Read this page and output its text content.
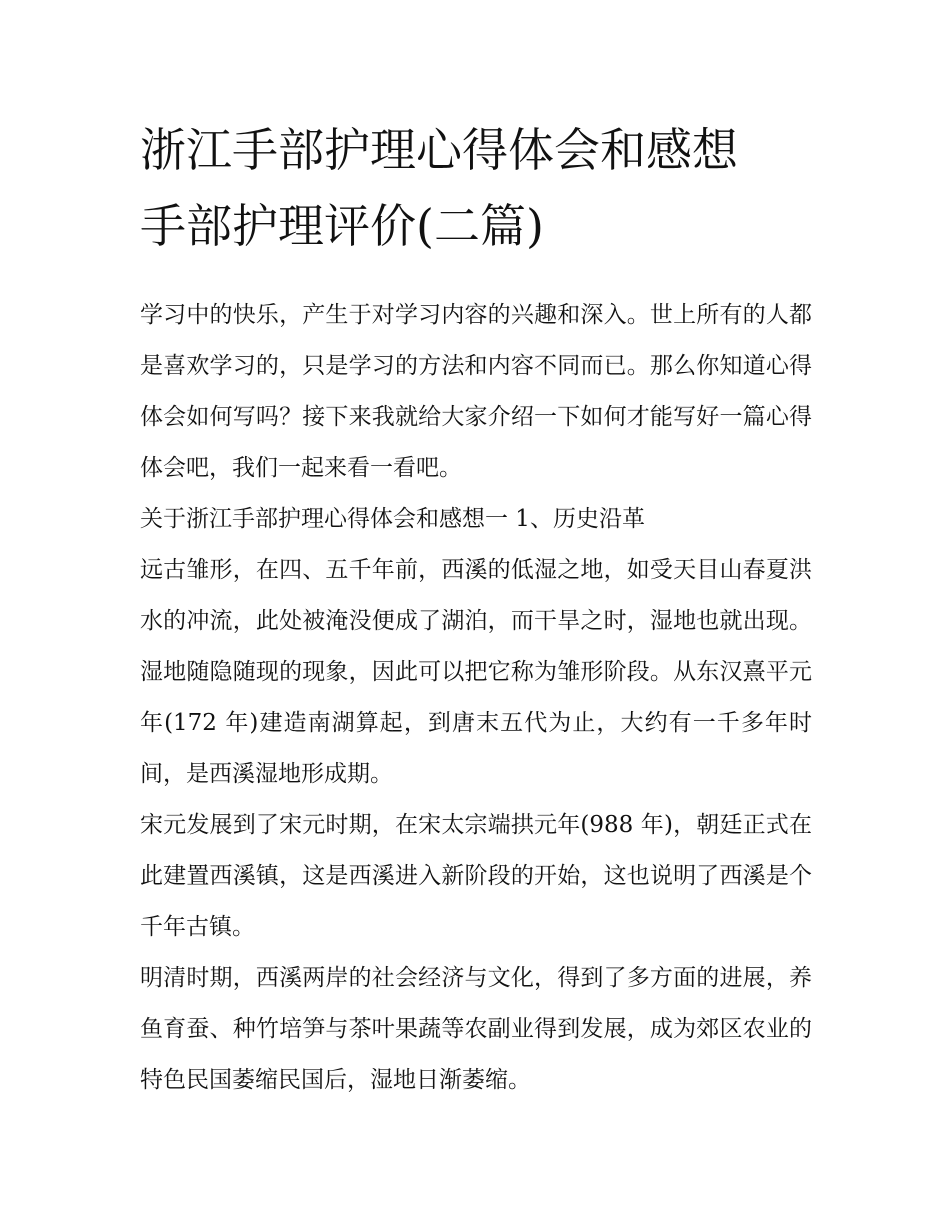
浙江手部护理心得体会和感想
手部护理评价(二篇)

学习中的快乐，产生于对学习内容的兴趣和深入。世上所有的人都是喜欢学习的，只是学习的方法和内容不同而已。那么你知道心得体会如何写吗？接下来我就给大家介绍一下如何才能写好一篇心得体会吧，我们一起来看一看吧。

关于浙江手部护理心得体会和感想一 1、历史沿革

远古雏形，在四、五千年前，西溪的低湿之地，如受天目山春夏洪水的冲流，此处被淹没便成了湖泊，而干旱之时，湿地也就出现。湿地随隐随现的现象，因此可以把它称为雏形阶段。从东汉熹平元年(172 年)建造南湖算起，到唐末五代为止，大约有一千多年时间，是西溪湿地形成期。

宋元发展到了宋元时期，在宋太宗端拱元年(988 年)，朝廷正式在此建置西溪镇，这是西溪进入新阶段的开始，这也说明了西溪是个千年古镇。

明清时期，西溪两岸的社会经济与文化，得到了多方面的进展，养鱼育蚕、种竹培笋与茶叶果蔬等农副业得到发展，成为郊区农业的特色民国萎缩民国后，湿地日渐萎缩。
